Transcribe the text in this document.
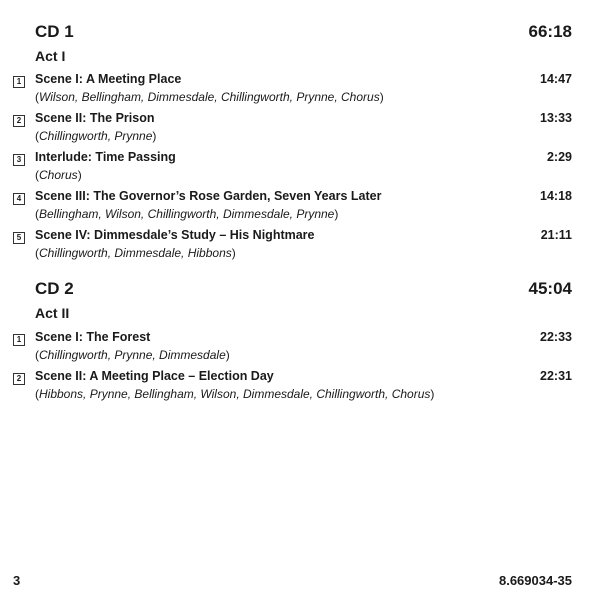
CD 1	66:18
Act I
1	Scene I: A Meeting Place	14:47
(Wilson, Bellingham, Dimmesdale, Chillingworth, Prynne, Chorus)
2	Scene II: The Prison	13:33
(Chillingworth, Prynne)
3	Interlude: Time Passing	2:29
(Chorus)
4	Scene III: The Governor’s Rose Garden, Seven Years Later	14:18
(Bellingham, Wilson, Chillingworth, Dimmesdale, Prynne)
5	Scene IV: Dimmesdale’s Study – His Nightmare	21:11
(Chillingworth, Dimmesdale, Hibbons)
CD 2	45:04
Act II
1	Scene I: The Forest	22:33
(Chillingworth, Prynne, Dimmesdale)
2	Scene II: A Meeting Place – Election Day	22:31
(Hibbons, Prynne, Bellingham, Wilson, Dimmesdale, Chillingworth, Chorus)
3	8.669034-35
